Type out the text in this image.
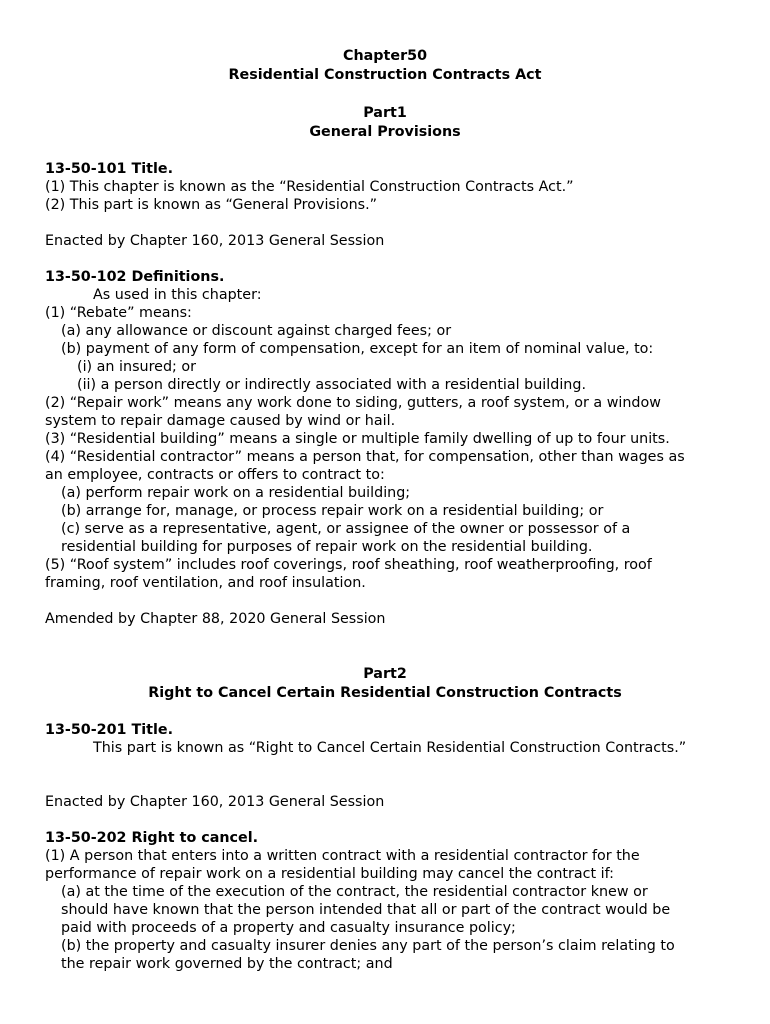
Chapter50
Residential Construction Contracts Act
Part1
General Provisions
13-50-101 Title.
(1) This chapter is known as the “Residential Construction Contracts Act.”
(2) This part is known as “General Provisions.”
Enacted by Chapter 160, 2013 General Session
13-50-102 Definitions.
As used in this chapter:
(1) “Rebate” means:
(a) any allowance or discount against charged fees; or
(b) payment of any form of compensation, except for an item of nominal value, to:
(i) an insured; or
(ii) a person directly or indirectly associated with a residential building.
(2) “Repair work” means any work done to siding, gutters, a roof system, or a window
system to repair damage caused by wind or hail.
(3) “Residential building” means a single or multiple family dwelling of up to four units.
(4) “Residential contractor” means a person that, for compensation, other than wages as
an employee, contracts or offers to contract to:
(a) perform repair work on a residential building;
(b) arrange for, manage, or process repair work on a residential building; or
(c) serve as a representative, agent, or assignee of the owner or possessor of a
residential building for purposes of repair work on the residential building.
(5) “Roof system” includes roof coverings, roof sheathing, roof weatherproofing, roof
framing, roof ventilation, and roof insulation.
Amended by Chapter 88, 2020 General Session
Part2
Right to Cancel Certain Residential Construction Contracts
13-50-201 Title.
This part is known as “Right to Cancel Certain Residential Construction Contracts.”
Enacted by Chapter 160, 2013 General Session
13-50-202 Right to cancel.
(1) A person that enters into a written contract with a residential contractor for the
performance of repair work on a residential building may cancel the contract if:
(a) at the time of the execution of the contract, the residential contractor knew or
should have known that the person intended that all or part of the contract would be
paid with proceeds of a property and casualty insurance policy;
(b) the property and casualty insurer denies any part of the person’s claim relating to
the repair work governed by the contract; and
